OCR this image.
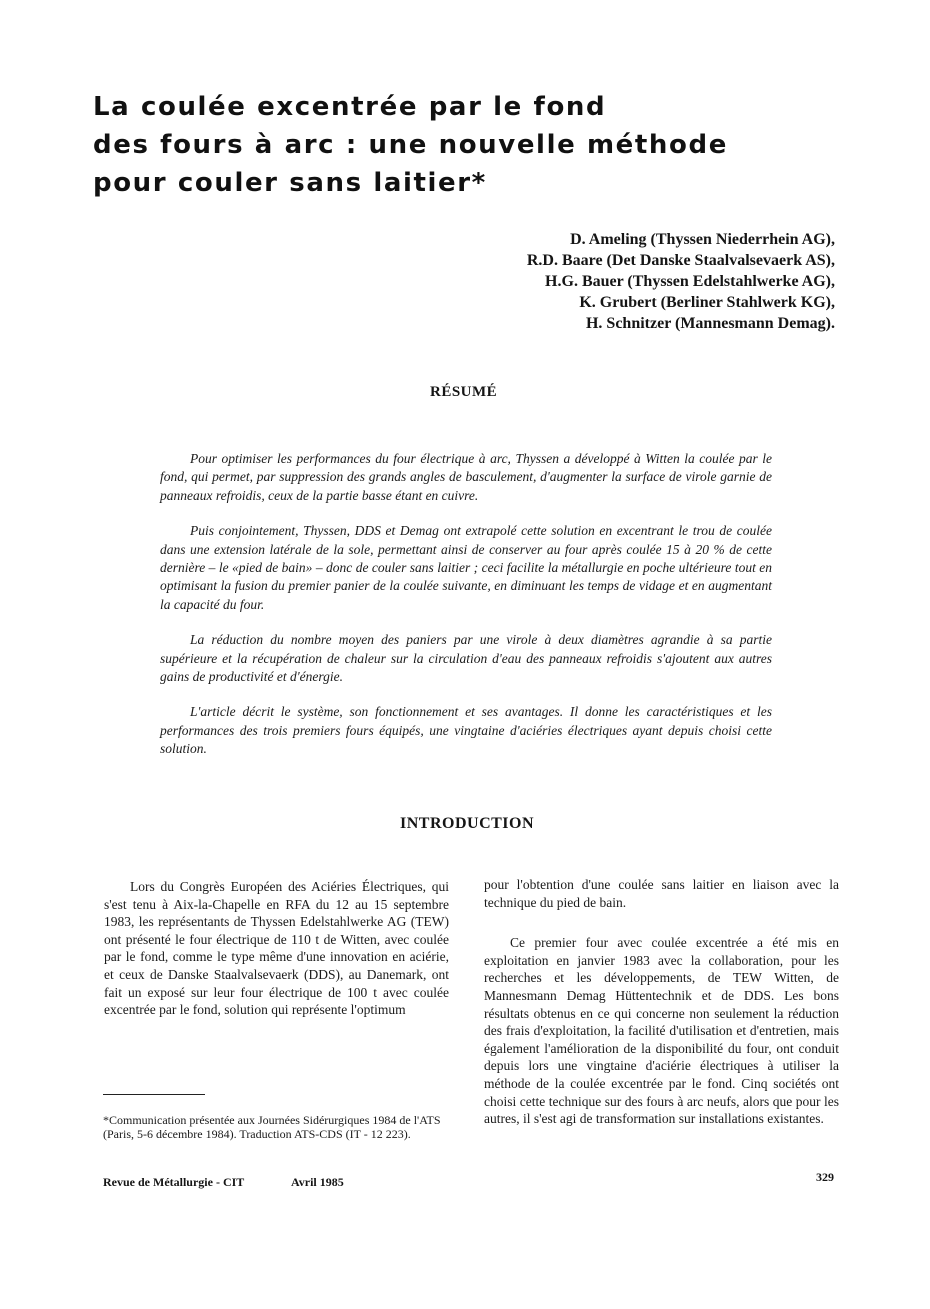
La coulée excentrée par le fond
des fours à arc : une nouvelle méthode
pour couler sans laitier*
D. Ameling (Thyssen Niederrhein AG),
R.D. Baare (Det Danske Staalvalsevaerk AS),
H.G. Bauer (Thyssen Edelstahlwerke AG),
K. Grubert (Berliner Stahlwerk KG),
H. Schnitzer (Mannesmann Demag).
RÉSUMÉ

Pour optimiser les performances du four électrique à arc, Thyssen a développé à Witten la coulée par le fond, qui permet, par suppression des grands angles de basculement, d'augmenter la surface de virole garnie de panneaux refroidis, ceux de la partie basse étant en cuivre.

Puis conjointement, Thyssen, DDS et Demag ont extrapolé cette solution en excentrant le trou de coulée dans une extension latérale de la sole, permettant ainsi de conserver au four après coulée 15 à 20 % de cette dernière – le «pied de bain» – donc de couler sans laitier ; ceci facilite la métallurgie en poche ultérieure tout en optimisant la fusion du premier panier de la coulée suivante, en diminuant les temps de vidage et en augmentant la capacité du four.

La réduction du nombre moyen des paniers par une virole à deux diamètres agrandie à sa partie supérieure et la récupération de chaleur sur la circulation d'eau des panneaux refroidis s'ajoutent aux autres gains de productivité et d'énergie.

L'article décrit le système, son fonctionnement et ses avantages. Il donne les caractéristiques et les performances des trois premiers fours équipés, une vingtaine d'aciéries électriques ayant depuis choisi cette solution.

INTRODUCTION

Lors du Congrès Européen des Aciéries Électriques, qui s'est tenu à Aix-la-Chapelle en RFA du 12 au 15 septembre 1983, les représentants de Thyssen Edelstahlwerke AG (TEW) ont présenté le four électrique de 110 t de Witten, avec coulée par le fond, comme le type même d'une innovation en aciérie, et ceux de Danske Staalvalsevaerk (DDS), au Danemark, ont fait un exposé sur leur four électrique de 100 t avec coulée excentrée par le fond, solution qui représente l'optimum

pour l'obtention d'une coulée sans laitier en liaison avec la technique du pied de bain.

Ce premier four avec coulée excentrée a été mis en exploitation en janvier 1983 avec la collaboration, pour les recherches et les développements, de TEW Witten, de Mannesmann Demag Hüttentechnik et de DDS. Les bons résultats obtenus en ce qui concerne non seulement la réduction des frais d'exploitation, la facilité d'utilisation et d'entretien, mais également l'amélioration de la disponibilité du four, ont conduit depuis lors une vingtaine d'aciérie électriques à utiliser la méthode de la coulée excentrée par le fond. Cinq sociétés ont choisi cette technique sur des fours à arc neufs, alors que pour les autres, il s'est agi de transformation sur installations existantes.

*Communication présentée aux Journées Sidérurgiques 1984 de l'ATS (Paris, 5-6 décembre 1984). Traduction ATS-CDS (IT - 12 223).
Revue de Métallurgie - CIT	Avril 1985	329
